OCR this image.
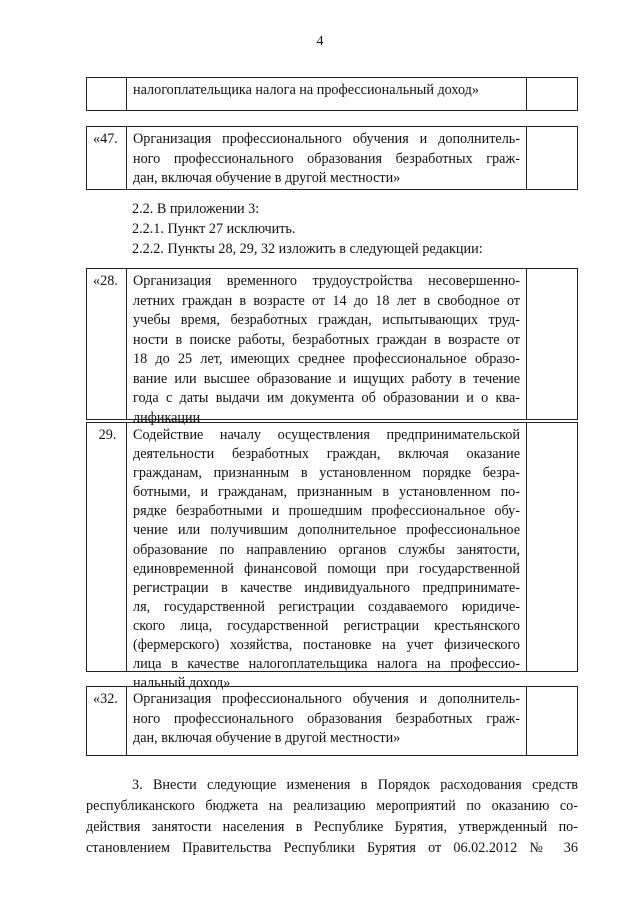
4
налогоплательщика налога на профессиональный доход»
«47.	Организация профессионального обучения и дополнитель-
ного профессионального образования безработных граж-
дан, включая обучение в другой местности»
2.2. В приложении 3:
2.2.1. Пункт 27 исключить.
2.2.2. Пункты 28, 29, 32 изложить в следующей редакции:
«28.	Организация временного трудоустройства несовершенно-
летних граждан в возрасте от 14 до 18 лет в свободное от
учебы время, безработных граждан, испытывающих труд-
ности в поиске работы, безработных граждан в возрасте от
18 до 25 лет, имеющих среднее профессиональное образо-
вание или высшее образование и ищущих работу в течение
года с даты выдачи им документа об образовании и о ква-
лификации
29.	Содействие началу осуществления предпринимательской
деятельности безработных граждан, включая оказание
гражданам, признанным в установленном порядке безра-
ботными, и гражданам, признанным в установленном по-
рядке безработными и прошедшим профессиональное обу-
чение или получившим дополнительное профессиональное
образование по направлению органов службы занятости,
единовременной финансовой помощи при государственной
регистрации в качестве индивидуального предпринимате-
ля, государственной регистрации создаваемого юридиче-
ского лица, государственной регистрации крестьянского
(фермерского) хозяйства, постановке на учет физического
лица в качестве налогоплательщика налога на профессио-
нальный доход»
«32.	Организация профессионального обучения и дополнитель-
ного профессионального образования безработных граж-
дан, включая обучение в другой местности»
3. Внести следующие изменения в Порядок расходования средств
республиканского бюджета на реализацию мероприятий по оказанию со-
действия занятости населения в Республике Бурятия, утвержденный по-
становлением Правительства Республики Бурятия от 06.02.2012 № 36
